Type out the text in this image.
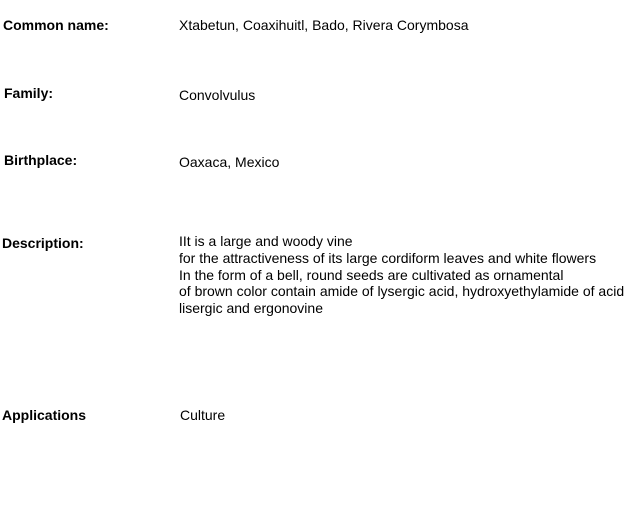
Common name:	Xtabetun, Coaxihuitl, Bado, Rivera Corymbosa
Family:	Convolvulus
Birthplace:	Oaxaca, Mexico
Description:	IIt is a large and woody vine
for the attractiveness of its large cordiform leaves and white flowers
In the form of a bell, round seeds are cultivated as ornamental
of brown color contain amide of lysergic acid, hydroxyethylamide of acid
lisergic and ergonovine
Applications	Culture
